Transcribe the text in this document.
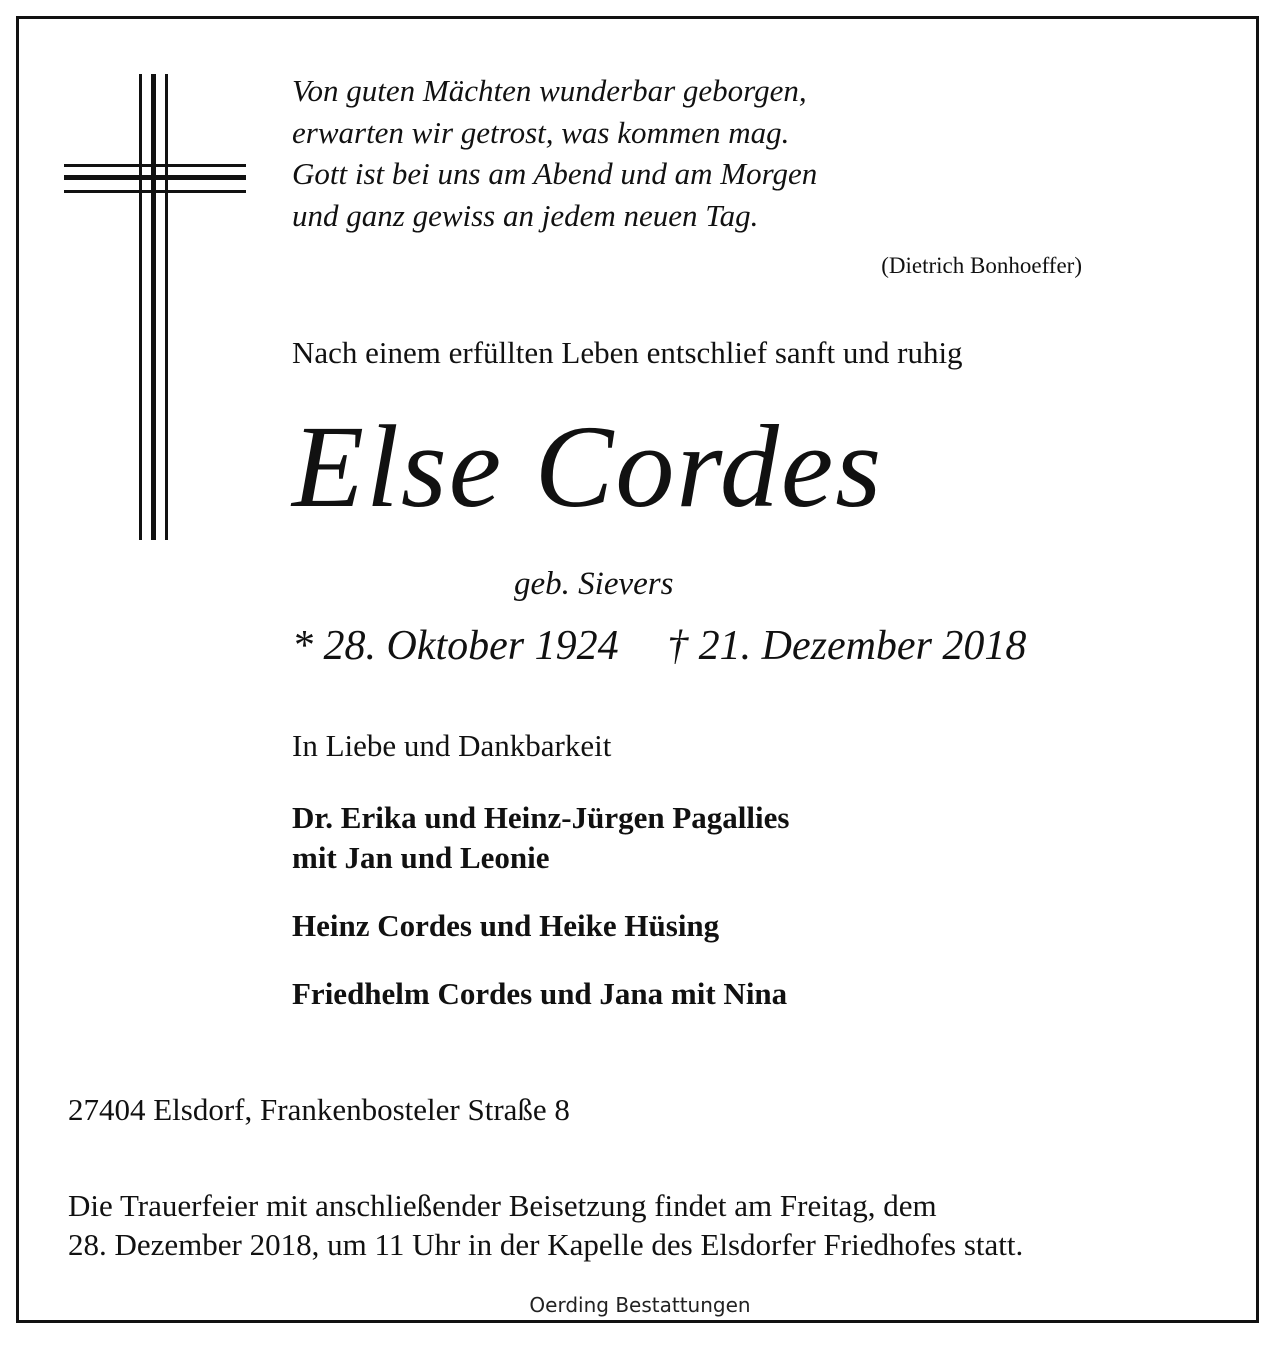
Von guten Mächten wunderbar geborgen,
erwarten wir getrost, was kommen mag.
Gott ist bei uns am Abend und am Morgen
und ganz gewiss an jedem neuen Tag.
(Dietrich Bonhoeffer)
Nach einem erfüllten Leben entschlief sanft und ruhig
Else Cordes
geb. Sievers
* 28. Oktober 1924 † 21. Dezember 2018
In Liebe und Dankbarkeit
Dr. Erika und Heinz-Jürgen Pagallies
mit Jan und Leonie
Heinz Cordes und Heike Hüsing
Friedhelm Cordes und Jana mit Nina
27404 Elsdorf, Frankenbosteler Straße 8
Die Trauerfeier mit anschließender Beisetzung findet am Freitag, dem
28. Dezember 2018, um 11 Uhr in der Kapelle des Elsdorfer Friedhofes statt.
Oerding Bestattungen
